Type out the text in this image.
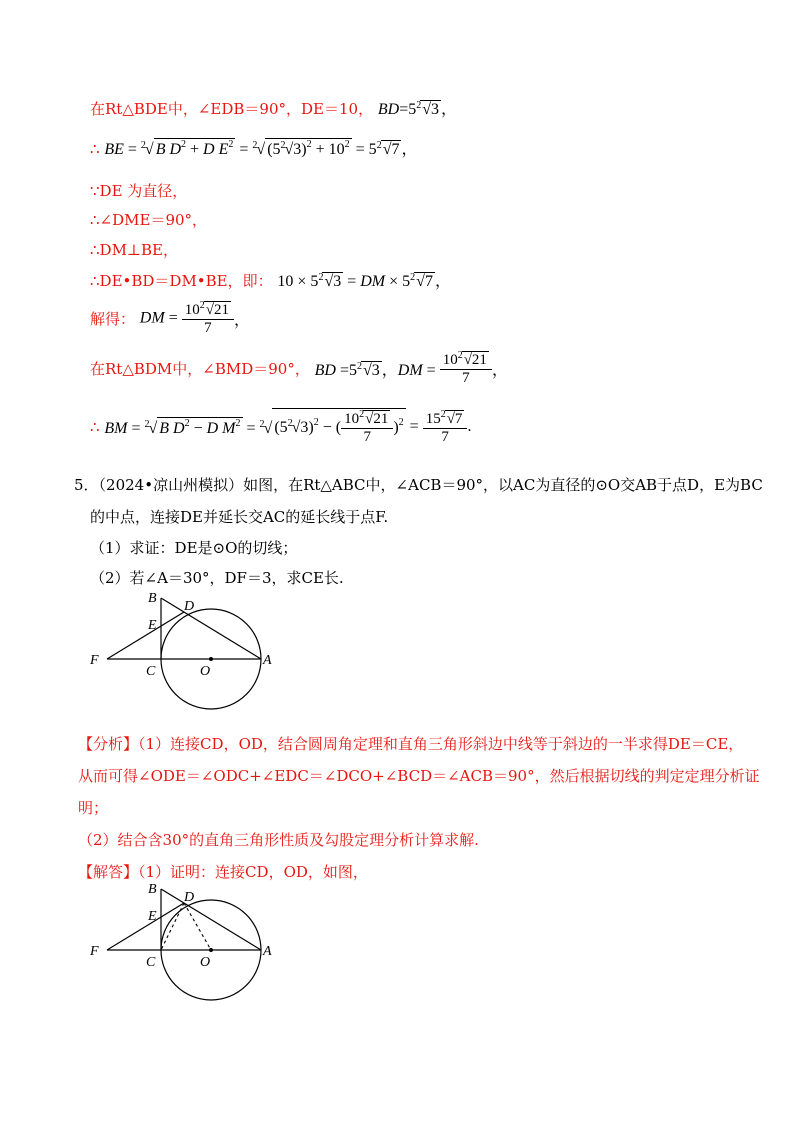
在Rt△BDE中，∠EDB＝90°，DE＝10， $BD=5^2√3$ ，
∴ BE = $^2$√ B $D^2 + D$ $E^2 = ^2√$ $(5^2√3)^2 + 10^2 = 5^2√7$ ，
∵DE 为直径，
∴∠DME＝90°，
∴DM⊥BE，
∴DE•BD＝DM•BE，即： $10 \times 5^2√3$ = DM × $5^2√7$ ，
解得： DM = $\frac{10^2√21}{7}$ ，
在Rt△BDM中，∠BMD＝90°， BD $=5^2√3$ ，DM = $\frac{10^2√21}{7}$ ，
∴ BM = $^2$√ B $D^2 - D$ $M^2 = ^2√$ $(5^2√3)^2$ − ( $\frac{10^2√21}{7} )^2 = \frac{15^2√7}{7}$ .
5．（2024•凉山州模拟）如图，在Rt△ABC中，∠ACB＝90°，以AC为直径的⊙O交AB于点D，E为BC
的中点，连接DE并延长交AC的延长线于点F.
（1）求证：DE是⊙O的切线；
（2）若∠A＝30°，DF＝3，求CE长.
B
D
E
F
C	O
A
【分析】（1）连接CD，OD，结合圆周角定理和直角三角形斜边中线等于斜边的一半求得DE＝CE，
从而可得∠ODE＝∠ODC+∠EDC＝∠DCO+∠BCD＝∠ACB＝90°，然后根据切线的判定定理分析证
明；
（2）结合含30°的直角三角形性质及勾股定理分析计算求解.
【解答】（1）证明：连接CD，OD，如图，
B
D
E
F
C	O
A
